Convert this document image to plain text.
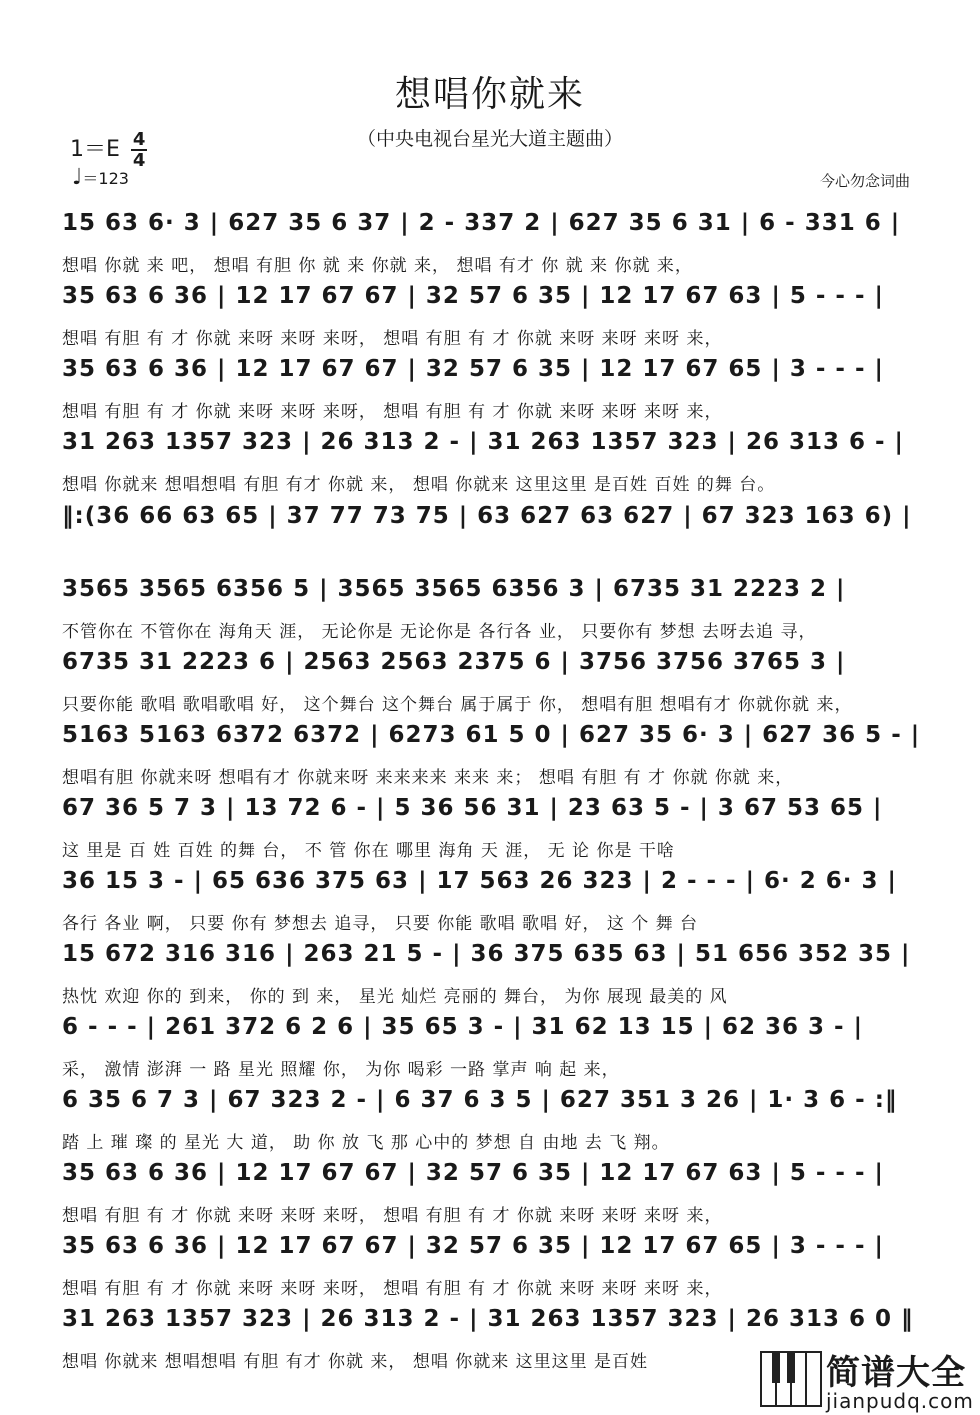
想唱你就来
（中央电视台星光大道主题曲）
$1=E \frac{4}{4}$
♩＝123	今心勿念词曲
15 63 6· 3 | 627 35 6 37 | 2 - 337 2 | 627 35 6 31 | 6 - 331 6 |
想唱 你就 来 吧， 想唱 有胆 你 就 来 你就 来， 想唱 有才 你 就 来 你就 来，
35 63 6 36 | 12 17 67 67 | 32 57 6 35 | 12 17 67 63 | 5 - - - |
想唱 有胆 有 才 你就 来呀 来呀 来呀， 想唱 有胆 有 才 你就 来呀 来呀 来呀 来，
35 63 6 36 | 12 17 67 67 | 32 57 6 35 | 12 17 67 65 | 3 - - - |
想唱 有胆 有 才 你就 来呀 来呀 来呀， 想唱 有胆 有 才 你就 来呀 来呀 来呀 来，
31 263 1357 323 | 26 313 2 - | 31 263 1357 323 | 26 313 6 - |
想唱 你就来 想唱想唱 有胆 有才 你就 来， 想唱 你就来 这里这里 是百姓 百姓 的舞 台。
‖:(36 66 63 65 | 37 77 73 75 | 63 627 63 627 | 67 323 163 6) |
3565 3565 6356 5 | 3565 3565 6356 3 | 6735 31 2223 2 |
不管你在 不管你在 海角天 涯， 无论你是 无论你是 各行各 业， 只要你有 梦想 去呀去追 寻，
6735 31 2223 6 | 2563 2563 2375 6 | 3756 3756 3765 3 |
只要你能 歌唱 歌唱歌唱 好， 这个舞台 这个舞台 属于属于 你， 想唱有胆 想唱有才 你就你就 来，
5163 5163 6372 6372 | 6273 61 5 0 | 627 35 6· 3 | 627 36 5 - |
想唱有胆 你就来呀 想唱有才 你就来呀 来来来来 来来 来； 想唱 有胆 有 才 你就 你就 来，
67 36 5 7 3 | 13 72 6 - | 5 36 56 31 | 23 63 5 - | 3 67 53 65 |
这 里是 百 姓 百姓 的舞 台， 不 管 你在 哪里 海角 天 涯， 无 论 你是 干啥
36 15 3 - | 65 636 375 63 | 17 563 26 323 | 2 - - - | 6· 2 6· 3 |
各行 各业 啊， 只要 你有 梦想去 追寻， 只要 你能 歌唱 歌唱 好， 这 个 舞 台
15 672 316 316 | 263 21 5 - | 36 375 635 63 | 51 656 352 35 |
热忱 欢迎 你的 到来， 你的 到 来， 星光 灿烂 亮丽的 舞台， 为你 展现 最美的 风
6 - - - | 261 372 6 2 6 | 35 65 3 - | 31 62 13 15 | 62 36 3 - |
采， 激情 澎湃 一 路 星光 照耀 你， 为你 喝彩 一路 掌声 响 起 来，
6 35 6 7 3 | 67 323 2 - | 6 37 6 3 5 | 627 351 3 26 | 1· 3 6 - :‖
踏 上 璀 璨 的 星光 大 道， 助 你 放 飞 那 心中的 梦想 自 由地 去 飞 翔。
35 63 6 36 | 12 17 67 67 | 32 57 6 35 | 12 17 67 63 | 5 - - - |
想唱 有胆 有 才 你就 来呀 来呀 来呀， 想唱 有胆 有 才 你就 来呀 来呀 来呀 来，
35 63 6 36 | 12 17 67 67 | 32 57 6 35 | 12 17 67 65 | 3 - - - |
想唱 有胆 有 才 你就 来呀 来呀 来呀， 想唱 有胆 有 才 你就 来呀 来呀 来呀 来，
31 263 1357 323 | 26 313 2 - | 31 263 1357 323 | 26 313 6 0 ‖
想唱 你就来 想唱想唱 有胆 有才 你就 来， 想唱 你就来 这里这里 是百姓	简谱大全
jianpudq.com
